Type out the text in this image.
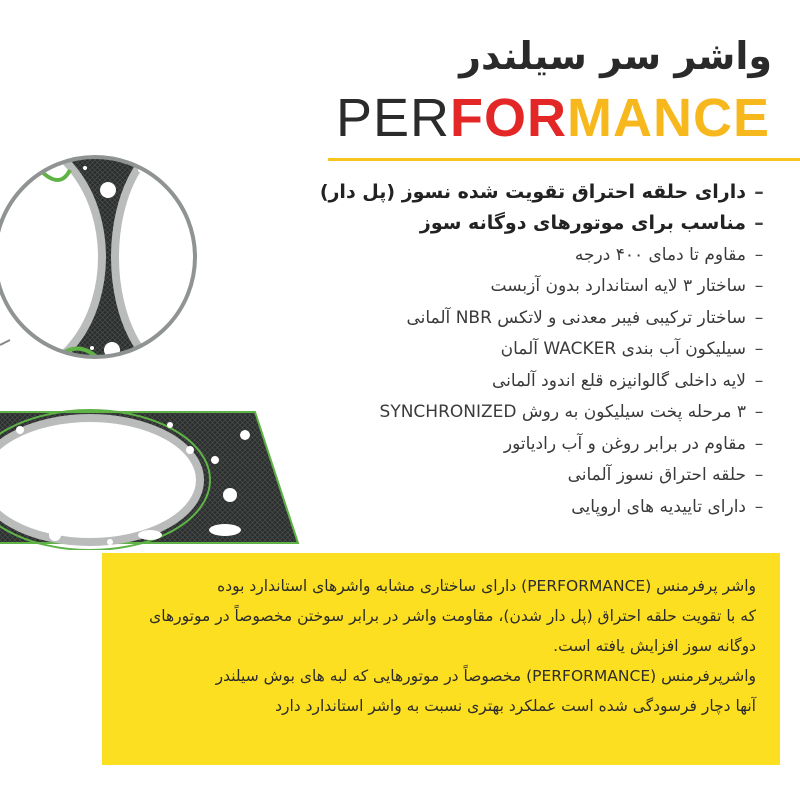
واشر سر سیلندر
PERFORMANCE
–
دارای حلقه احتراق تقویت شده نسوز (پل دار)
–
مناسب برای موتورهای دوگانه سوز
–
مقاوم تا دمای ۴۰۰ درجه
–
ساختار ۳ لایه استاندارد بدون آزبست
–
ساختار ترکیبی فیبر معدنی و لاتکس NBR آلمانی
–
سیلیکون آب بندی WACKER آلمان
–
لایه داخلی گالوانیزه قلع اندود آلمانی
–
۳ مرحله پخت سیلیکون به روش SYNCHRONIZED
–
مقاوم در برابر روغن و آب رادیاتور
–
حلقه احتراق نسوز آلمانی
–
دارای تاییدیه های اروپایی

واشر پرفرمنس (PERFORMANCE) دارای ساختاری مشابه واشرهای استاندارد بوده

که با تقویت حلقه احتراق (پل دار شدن)، مقاومت واشر در برابر سوختن مخصوصاً در موتورهای

دوگانه سوز افزایش یافته است.

واشرپرفرمنس (PERFORMANCE) مخصوصاً در موتورهایی که لبه های بوش سیلندر

آنها دچار فرسودگی شده است عملکرد بهتری نسبت به واشر استاندارد دارد
